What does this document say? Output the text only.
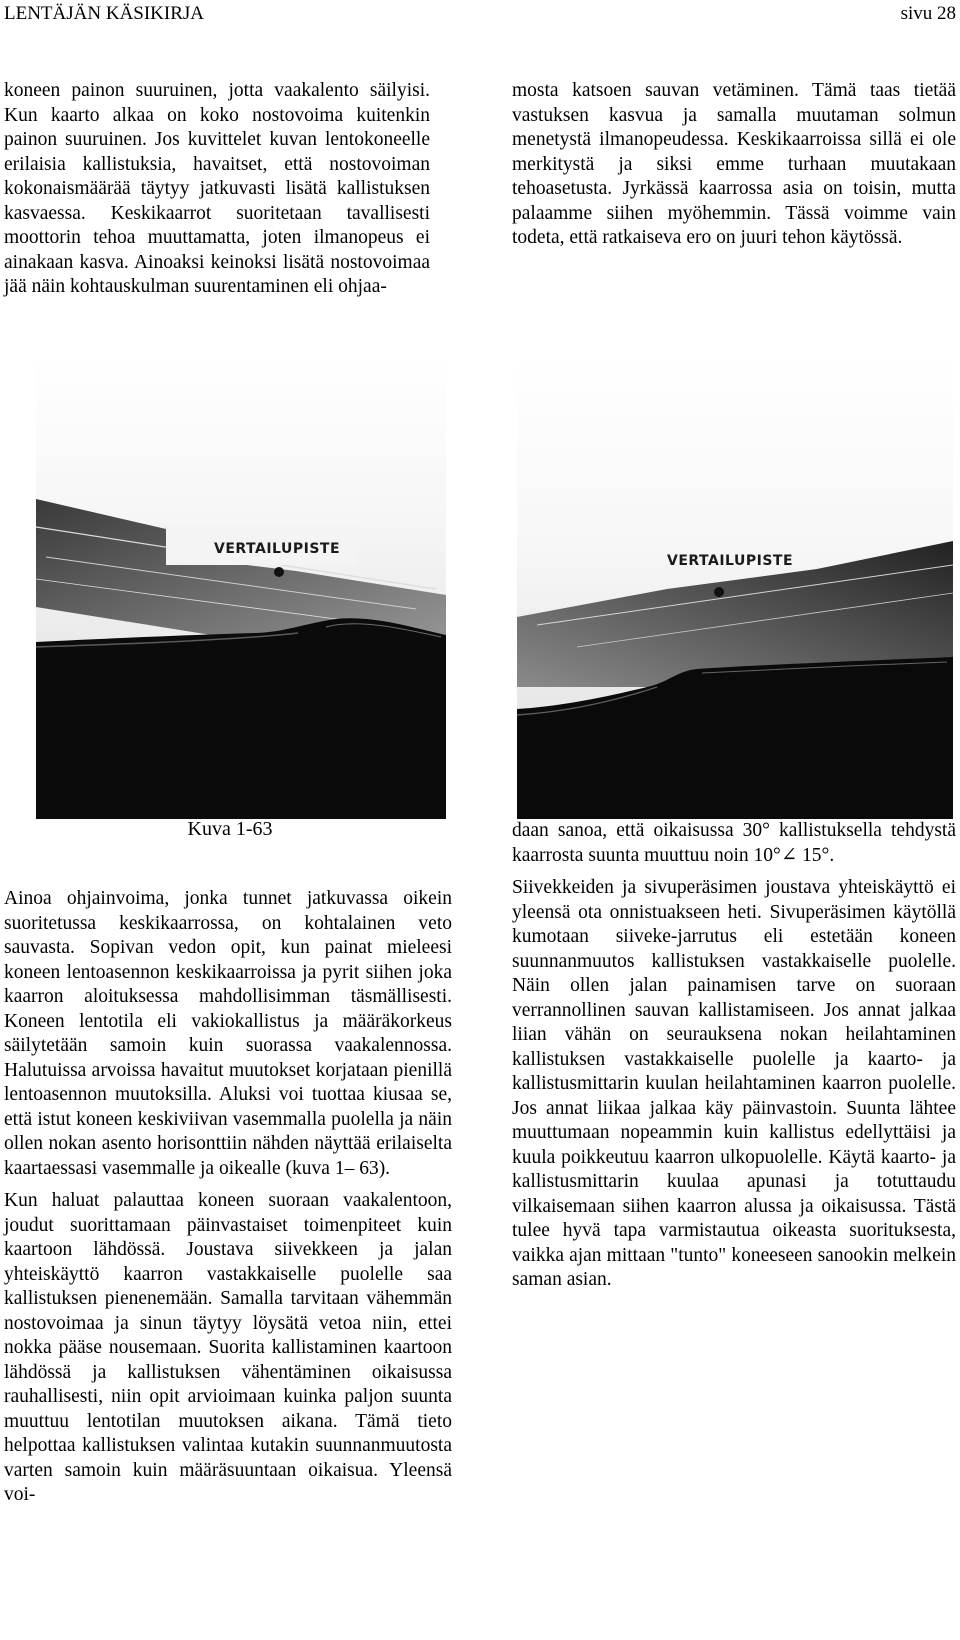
LENTÄJÄN KÄSIKIRJA	sivu 28

koneen painon suuruinen, jotta vaakalento säilyisi. Kun kaarto alkaa on koko nostovoima kuitenkin painon suuruinen. Jos kuvittelet kuvan lentokoneelle erilaisia kallistuksia, havaitset, että nostovoiman kokonaismäärää täytyy jatkuvasti lisätä kallistuksen kasvaessa. Keskikaarrot suoritetaan tavallisesti moottorin tehoa muuttamatta, joten ilmanopeus ei ainakaan kasva. Ainoaksi keinoksi lisätä nostovoimaa jää näin kohtauskulman suurentaminen eli ohjaa-

mosta katsoen sauvan vetäminen. Tämä taas tietää vastuksen kasvua ja samalla muutaman solmun menetystä ilmanopeudessa. Keskikaarroissa sillä ei ole merkitystä ja siksi emme turhaan muutakaan tehoasetusta. Jyrkässä kaarrossa asia on toisin, mutta palaamme siihen myöhemmin. Tässä voimme vain todeta, että ratkaiseva ero on juuri tehon käytössä.

VERTAILUPISTE
VERTAILUPISTE
Kuva 1-63

Ainoa ohjainvoima, jonka tunnet jatkuvassa oikein suoritetussa keskikaarrossa, on kohtalainen veto sauvasta. Sopivan vedon opit, kun painat mieleesi koneen lentoasennon keskikaarroissa ja pyrit siihen joka kaarron aloituksessa mahdollisimman täsmällisesti. Koneen lentotila eli vakiokallistus ja määräkorkeus säilytetään samoin kuin suorassa vaakalennossa. Halutuissa arvoissa havaitut muutokset korjataan pienillä lentoasennon muutoksilla. Aluksi voi tuottaa kiusaa se, että istut koneen keskiviivan vasemmalla puolella ja näin ollen nokan asento horisonttiin nähden näyttää erilaiselta kaartaessasi vasemmalle ja oikealle (kuva 1– 63).

Kun haluat palauttaa koneen suoraan vaakalentoon, joudut suorittamaan päinvastaiset toimenpiteet kuin kaartoon lähdössä. Joustava siivekkeen ja jalan yhteiskäyttö kaarron vastakkaiselle puolelle saa kallistuksen pienenemään. Samalla tarvitaan vähemmän nostovoimaa ja sinun täytyy löysätä vetoa niin, ettei nokka pääse nousemaan. Suorita kallistaminen kaartoon lähdössä ja kallistuksen vähentäminen oikaisussa rauhallisesti, niin opit arvioimaan kuinka paljon suunta muuttuu lentotilan muutoksen aikana. Tämä tieto helpottaa kallistuksen valintaa kutakin suunnanmuutosta varten samoin kuin määräsuuntaan oikaisua. Yleensä voi-

daan sanoa, että oikaisussa 30° kallistuksella tehdystä kaarrosta suunta muuttuu noin 10°∠ 15°.

Siivekkeiden ja sivuperäsimen joustava yhteiskäyttö ei yleensä ota onnistuakseen heti. Sivuperäsimen käytöllä kumotaan siiveke-jarrutus eli estetään koneen suunnanmuutos kallistuksen vastakkaiselle puolelle. Näin ollen jalan painamisen tarve on suoraan verrannollinen sauvan kallistamiseen. Jos annat jalkaa liian vähän on seurauksena nokan heilahtaminen kallistuksen vastakkaiselle puolelle ja kaarto- ja kallistusmittarin kuulan heilahtaminen kaarron puolelle. Jos annat liikaa jalkaa käy päinvastoin. Suunta lähtee muuttumaan nopeammin kuin kallistus edellyttäisi ja kuula poikkeutuu kaarron ulkopuolelle. Käytä kaarto- ja kallistusmittarin kuulaa apunasi ja totuttaudu vilkaisemaan siihen kaarron alussa ja oikaisussa. Tästä tulee hyvä tapa varmistautua oikeasta suorituksesta, vaikka ajan mittaan "tunto" koneeseen sanookin melkein saman asian.
